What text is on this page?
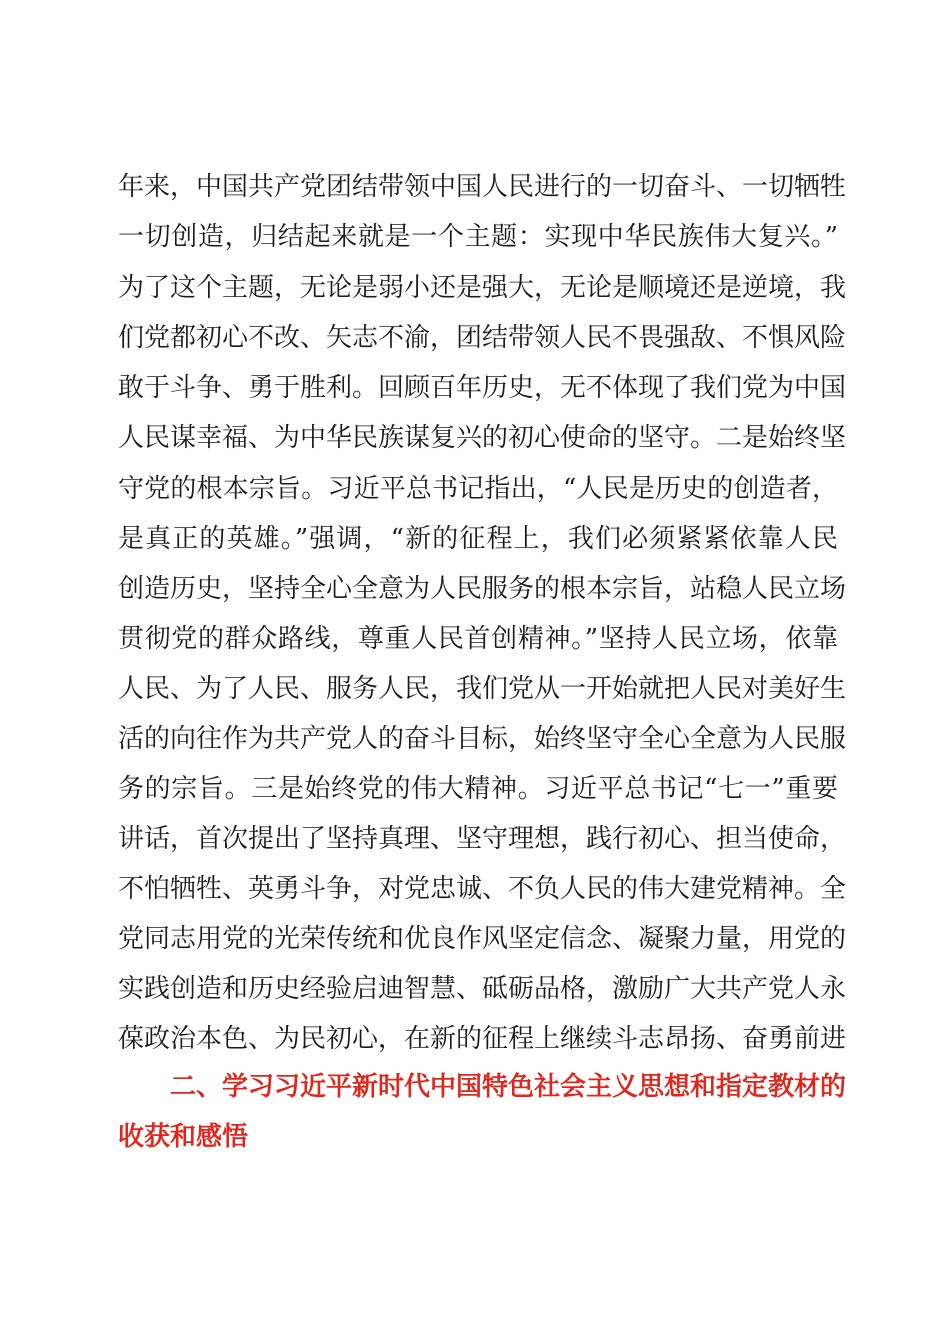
年来，中国共产党团结带领中国人民进行的一切奋斗、一切牺牲
一切创造，归结起来就是一个主题：实现中华民族伟大复兴。”
为了这个主题，无论是弱小还是强大，无论是顺境还是逆境，我
们党都初心不改、矢志不渝，团结带领人民不畏强敌、不惧风险
敢于斗争、勇于胜利。回顾百年历史，无不体现了我们党为中国
人民谋幸福、为中华民族谋复兴的初心使命的坚守。二是始终坚
守党的根本宗旨。习近平总书记指出，“人民是历史的创造者，
是真正的英雄。”强调，“新的征程上，我们必须紧紧依靠人民
创造历史，坚持全心全意为人民服务的根本宗旨，站稳人民立场
贯彻党的群众路线，尊重人民首创精神。”坚持人民立场，依靠
人民、为了人民、服务人民，我们党从一开始就把人民对美好生
活的向往作为共产党人的奋斗目标，始终坚守全心全意为人民服
务的宗旨。三是始终党的伟大精神。习近平总书记“七一”重要
讲话，首次提出了坚持真理、坚守理想，践行初心、担当使命，
不怕牺牲、英勇斗争，对党忠诚、不负人民的伟大建党精神。全
党同志用党的光荣传统和优良作风坚定信念、凝聚力量，用党的
实践创造和历史经验启迪智慧、砥砺品格，激励广大共产党人永
葆政治本色、为民初心，在新的征程上继续斗志昂扬、奋勇前进
二、学习习近平新时代中国特色社会主义思想和指定教材的
收获和感悟
